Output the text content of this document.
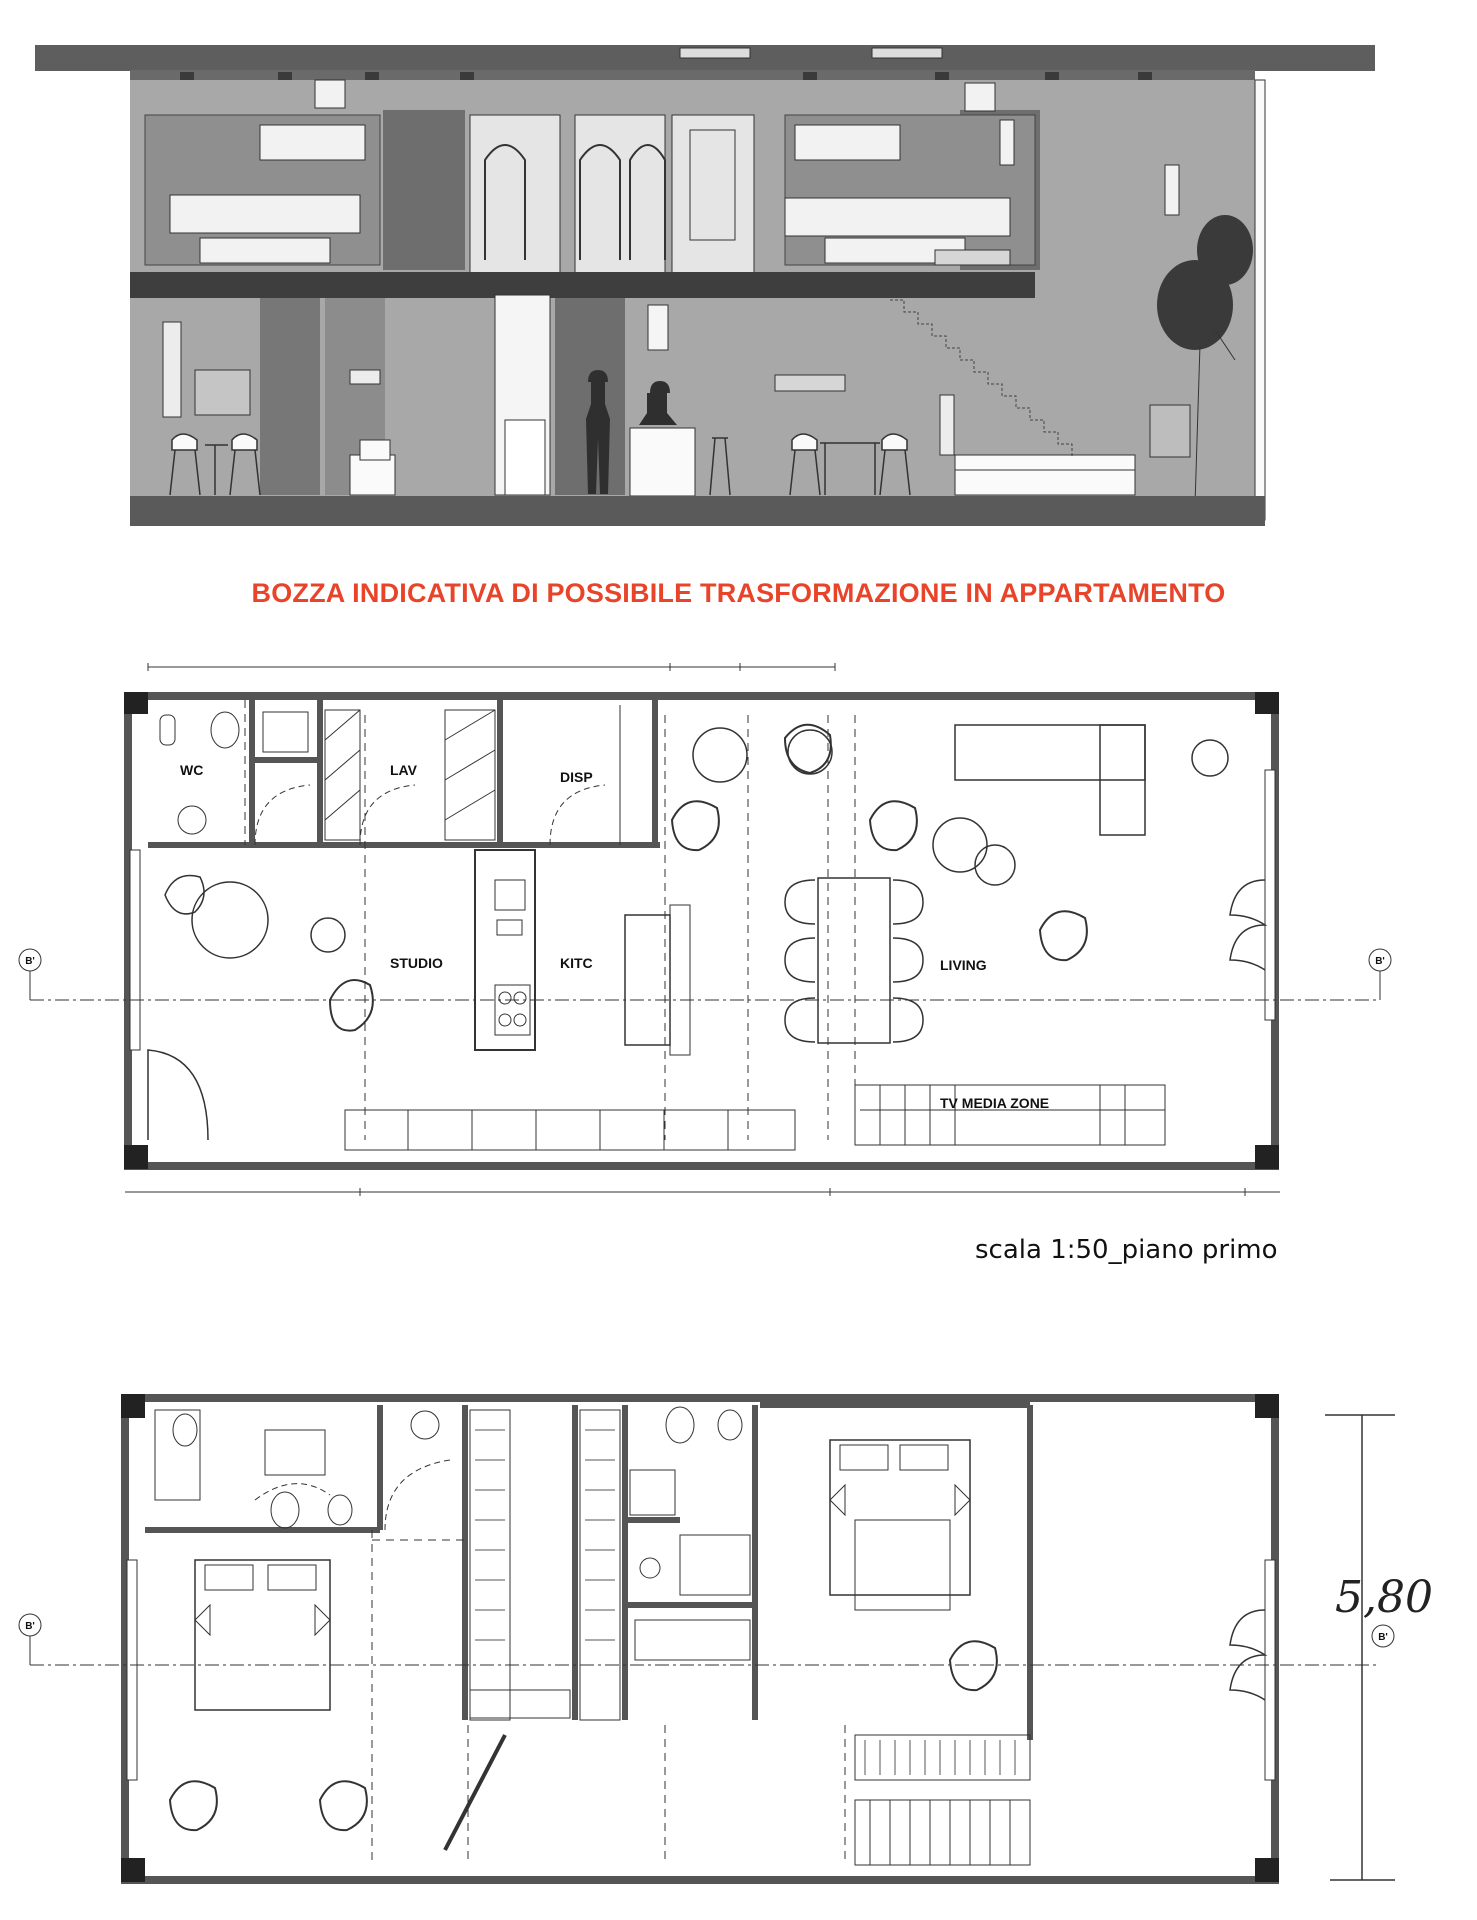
B'	B'
WC	LAV	DISP
STUDIO	KITC	LIVING
TV MEDIA ZONE
B'
B'
5,80
BOZZA INDICATIVA DI POSSIBILE TRASFORMAZIONE IN APPARTAMENTO
scala 1:50_piano primo
